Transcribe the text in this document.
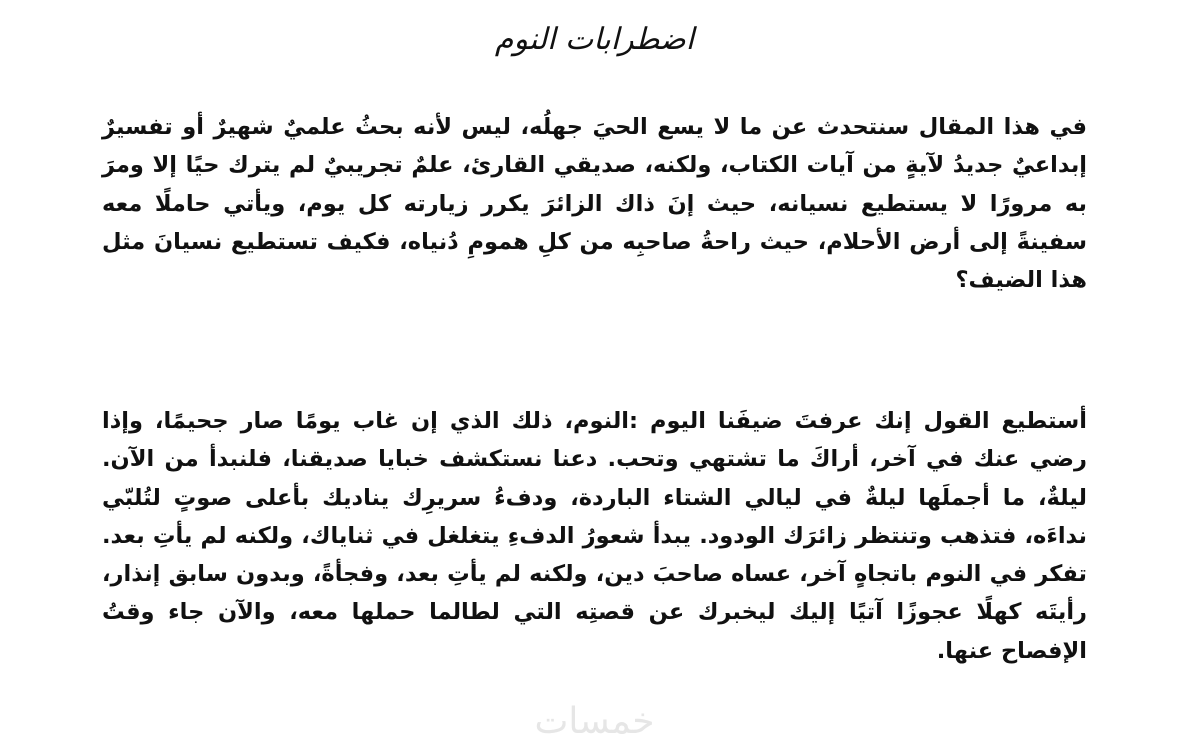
اضطرابات النوم

في هذا المقال سنتحدث عن ما لا يسع الحيَ جهلُه، ليس لأنه بحثُ علميٌ شهيرٌ أو تفسيرٌ إبداعيٌ جديدُ لآيةٍ من آيات الكتاب، ولكنه، صديقي القارئ، علمٌ تجريبيٌ لم يترك حيًا إلا ومرَ به مرورًا لا يستطيع نسيانه، حيث إنَ ذاك الزائرَ يكرر زيارته كل يوم، ويأتي حاملًا معه سفينةً إلى أرض الأحلام، حيث راحةُ صاحبِه من كلِ همومِ دُنياه، فكيف تستطيع نسيانَ مثل هذا الضيف؟

أستطيع القول إنك عرفتَ ضيفَنا اليوم :النوم، ذلك الذي إن غاب يومًا صار جحيمًا، وإذا رضي عنك في آخر، أراكَ ما تشتهي وتحب. دعنا نستكشف خبايا صديقنا، فلنبدأ من الآن. ليلةٌ، ما أجملَها ليلةٌ في ليالي الشتاء الباردة، ودفءُ سريرِك يناديك بأعلى صوتٍ لتُلبّي نداءَه، فتذهب وتنتظر زائرَك الودود. يبدأ شعورُ الدفءِ يتغلغل في ثناياك، ولكنه لم يأتِ بعد. تفكر في النوم باتجاهٍ آخر، عساه صاحبَ دين، ولكنه لم يأتِ بعد، وفجأةً، وبدون سابق إنذار، رأيتَه كهلًا عجوزًا آتيًا إليك ليخبرك عن قصتِه التي لطالما حملها معه، والآن جاء وقتُ الإفصاح عنها.

خمسات
